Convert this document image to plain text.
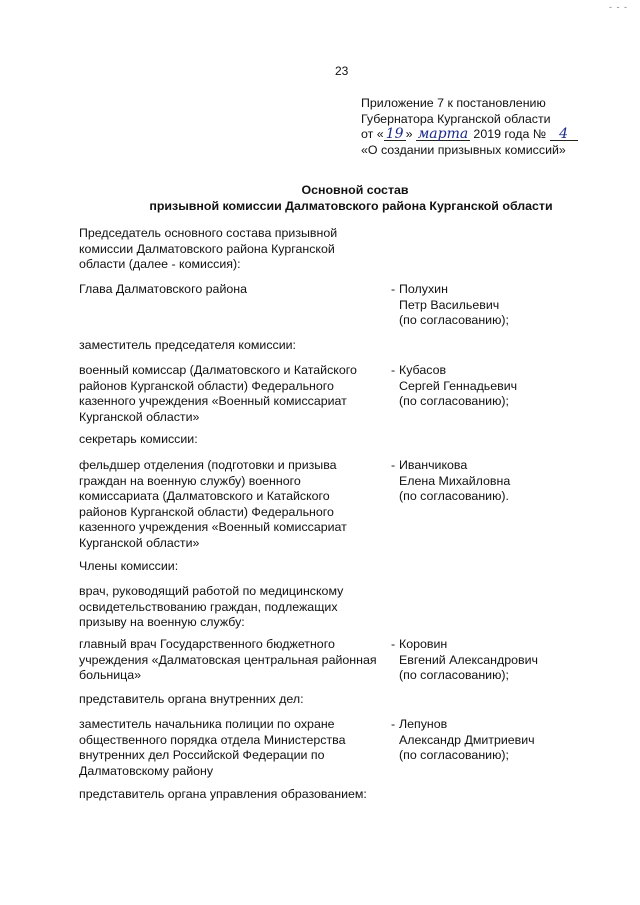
- - -
23
Приложение 7 к постановлению
Губернатора Курганской области
от « 19 » марта 2019 года № 4
«О создании призывных комиссий»
Основной состав
призывной комиссии Далматовского района Курганской области
Председатель основного состава призывной комиссии Далматовского района Курганской области (далее - комиссия):
Глава Далматовского района	- Полухин
Петр Васильевич
(по согласованию);
заместитель председателя комиссии:
военный комиссар (Далматовского и Катайского районов Курганской области) Федерального казенного учреждения «Военный комиссариат Курганской области»
- Кубасов
Сергей Геннадьевич
(по согласованию);
секретарь комиссии:
фельдшер отделения (подготовки и призыва граждан на военную службу) военного комиссариата (Далматовского и Катайского районов Курганской области) Федерального казенного учреждения «Военный комиссариат Курганской области»
- Иванчикова
Елена Михайловна
(по согласованию).
Члены комиссии:
врач, руководящий работой по медицинскому освидетельствованию граждан, подлежащих призыву на военную службу:
главный врач Государственного бюджетного учреждения «Далматовская центральная районная больница»
- Коровин
Евгений Александрович
(по согласованию);
представитель органа внутренних дел:
заместитель начальника полиции по охране общественного порядка отдела Министерства внутренних дел Российской Федерации по Далматовскому району
- Лепунов
Александр Дмитриевич
(по согласованию);
представитель органа управления образованием:
